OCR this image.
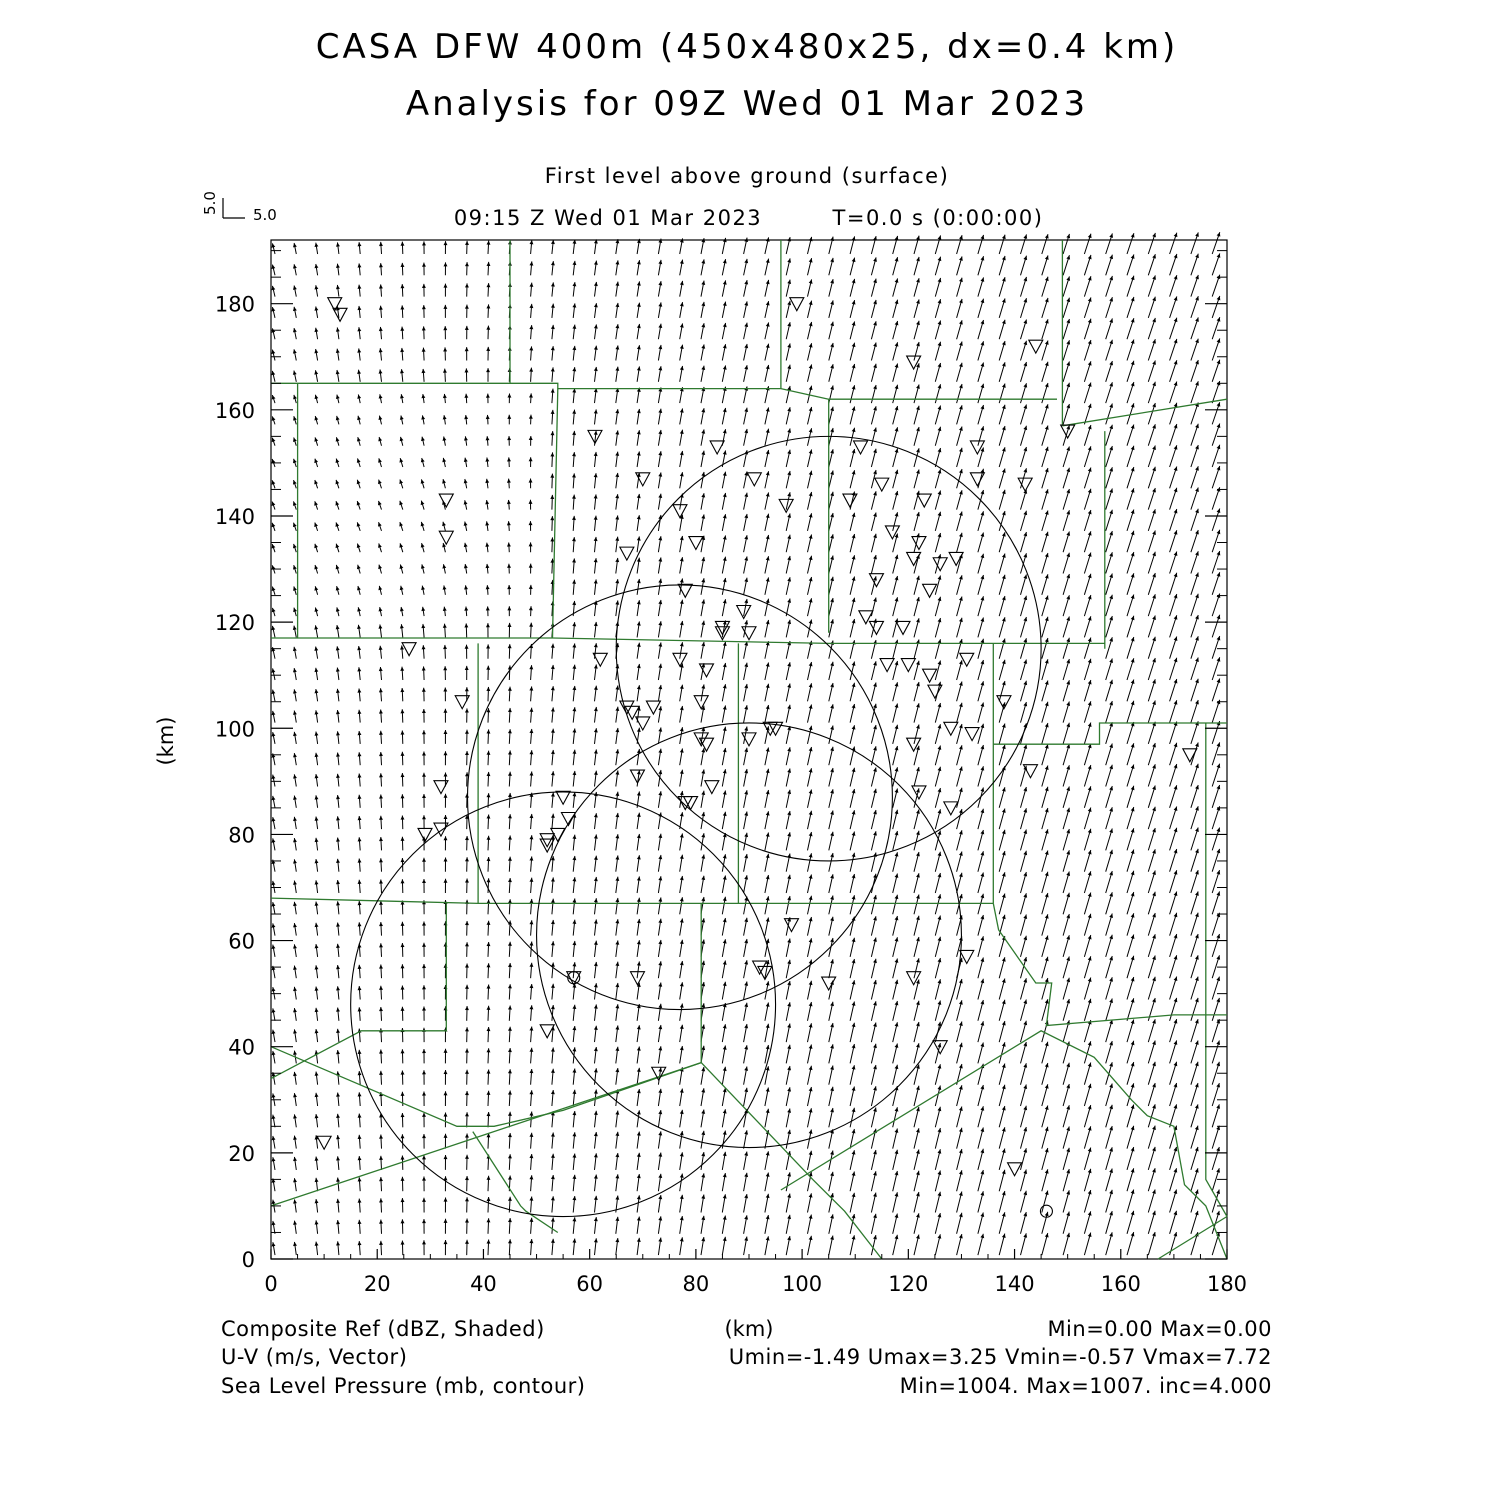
CASA DFW 400m (450x480x25, dx=0.4 km)
Analysis for 09Z Wed 01 Mar 2023
First level above ground (surface)
09:15 Z Wed 01 Mar 2023	T=0.0 s (0:00:00)
5.0
5.0
0	20	40	60	80	100	120	140	160	180
0
20
40
60
80
100
120
140
160
180
(km)
(km)
Composite Ref (dBZ, Shaded)	Min=0.00 Max=0.00
U-V (m/s, Vector)	Umin=-1.49 Umax=3.25 Vmin=-0.57 Vmax=7.72
Sea Level Pressure (mb, contour)	Min=1004. Max=1007. inc=4.000
